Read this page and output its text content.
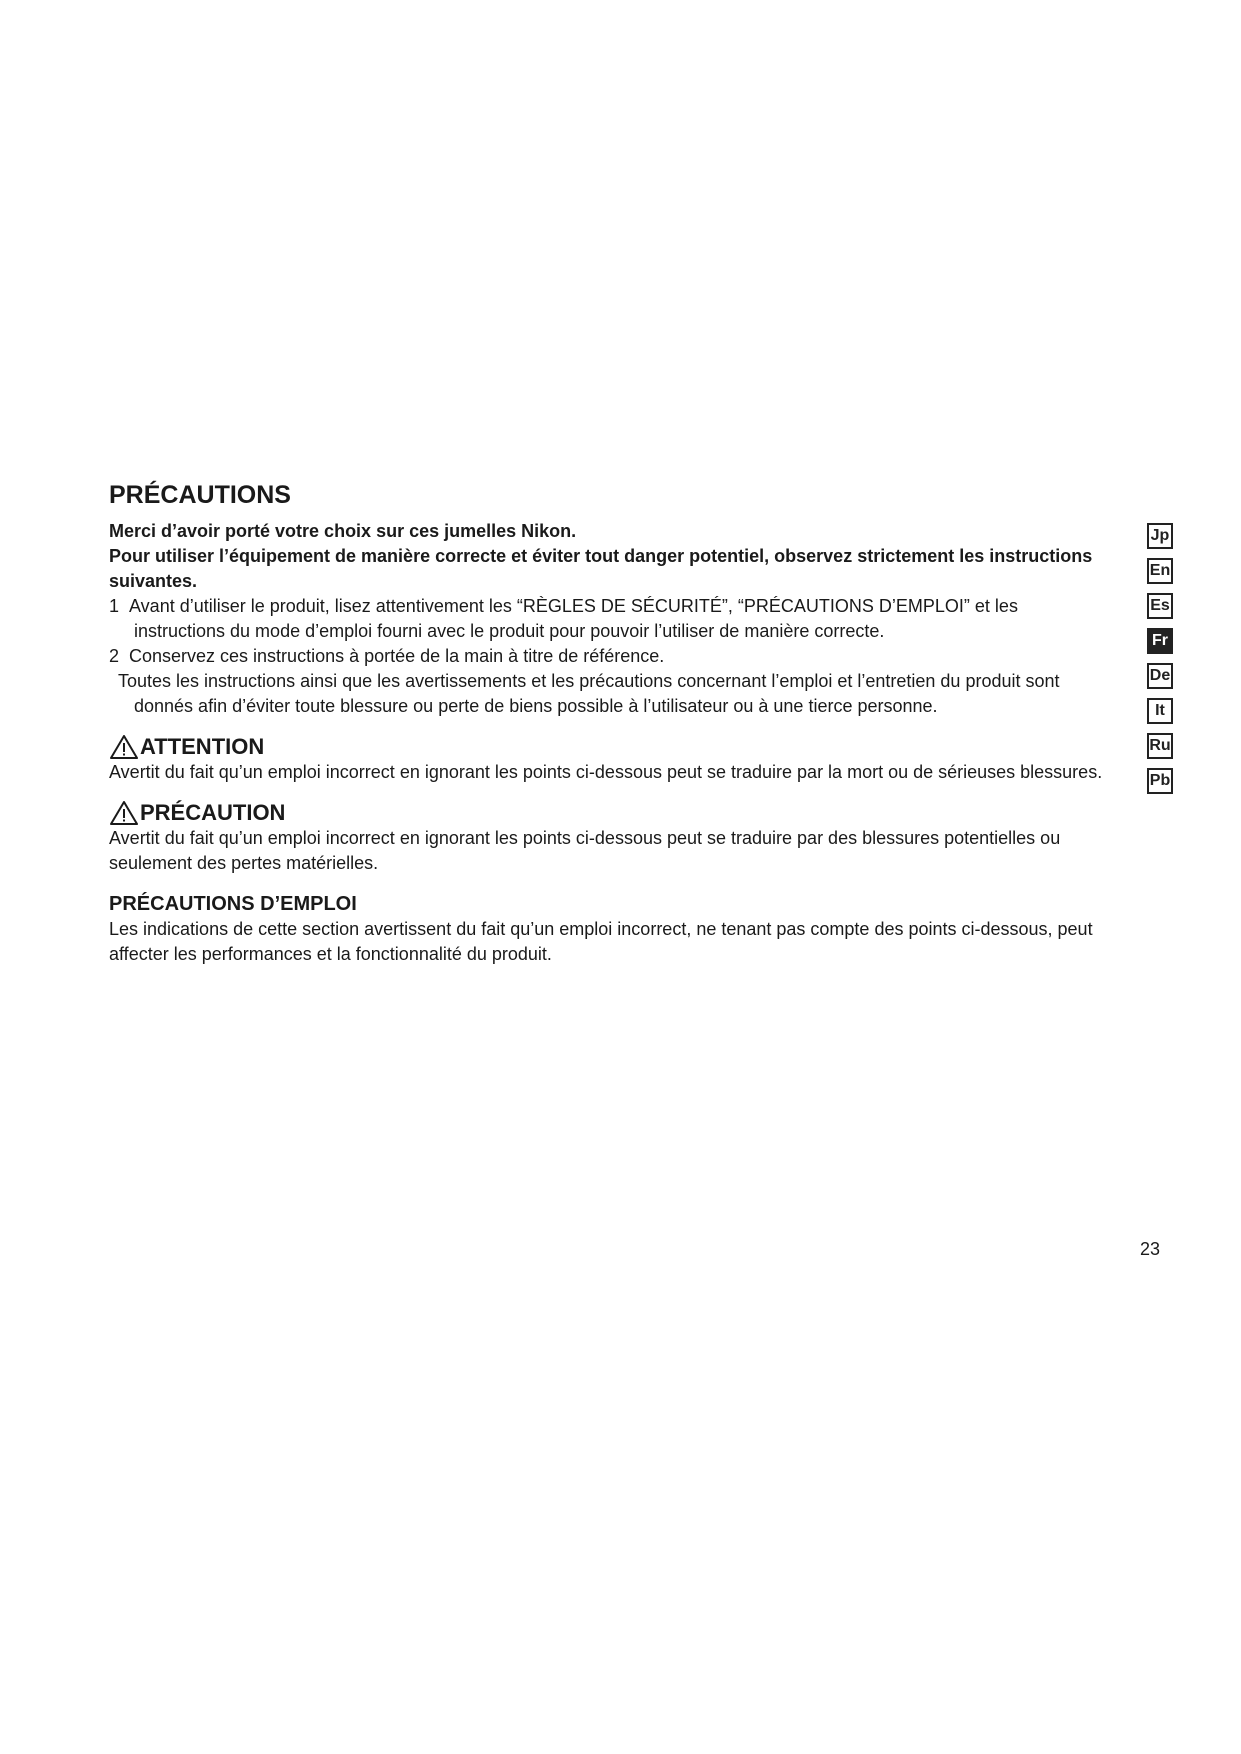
PRÉCAUTIONS

Merci d’avoir porté votre choix sur ces jumelles Nikon.

Pour utiliser l’équipement de manière correcte et éviter tout danger potentiel, observez strictement les instructions suivantes.

1 Avant d’utiliser le produit, lisez attentivement les “RÈGLES DE SÉCURITÉ”, “PRÉCAUTIONS D’EMPLOI” et les instructions du mode d’emploi fourni avec le produit pour pouvoir l’utiliser de manière correcte.

2 Conservez ces instructions à portée de la main à titre de référence.

Toutes les instructions ainsi que les avertissements et les précautions concernant l’emploi et l’entretien du produit sont donnés afin d’éviter toute blessure ou perte de biens possible à l’utilisateur ou à une tierce personne.

ATTENTION

Avertit du fait qu’un emploi incorrect en ignorant les points ci-dessous peut se traduire par la mort ou de sérieuses blessures.

PRÉCAUTION

Avertit du fait qu’un emploi incorrect en ignorant les points ci-dessous peut se traduire par des blessures potentielles ou seulement des pertes matérielles.

PRÉCAUTIONS D’EMPLOI

Les indications de cette section avertissent du fait qu’un emploi incorrect, ne tenant pas compte des points ci-dessous, peut affecter les performances et la fonctionnalité du produit.

Jp
En
Es
Fr
De
It
Ru
Pb
23
